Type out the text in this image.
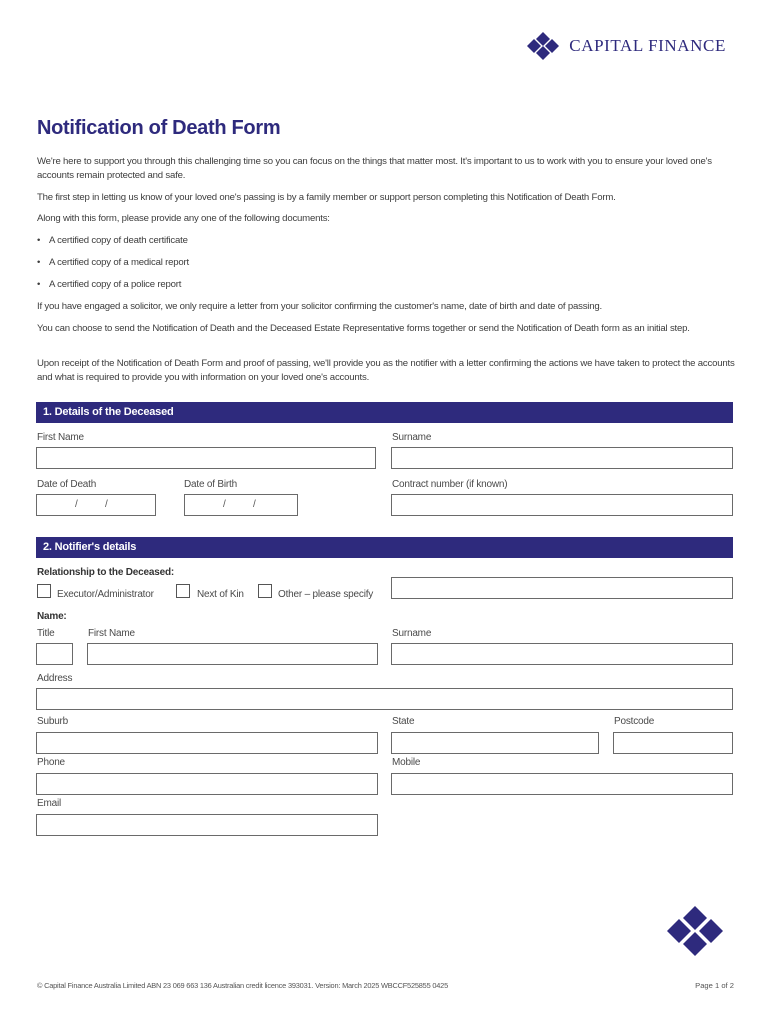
CAPITAL FINANCE
Notification of Death Form
We're here to support you through this challenging time so you can focus on the things that matter most. It's important to us to work with you to ensure your loved one's accounts remain protected and safe.
The first step in letting us know of your loved one's passing is by a family member or support person completing this Notification of Death Form.
Along with this form, please provide any one of the following documents:
• A certified copy of death certificate
• A certified copy of a medical report
• A certified copy of a police report
If you have engaged a solicitor, we only require a letter from your solicitor confirming the customer's name, date of birth and date of passing.
You can choose to send the Notification of Death and the Deceased Estate Representative forms together or send the Notification of Death form as an initial step.
Upon receipt of the Notification of Death Form and proof of passing, we'll provide you as the notifier with a letter confirming the actions we have taken to protect the accounts and what is required to provide you with information on your loved one's accounts.
1. Details of the Deceased
First Name	Surname
Date of Death	Date of Birth	Contract number (if known)
/	/	/	/
2. Notifier's details
Relationship to the Deceased:
Executor/Administrator	Next of Kin	Other – please specify
Name:
Title	First Name	Surname
Address
Suburb	State	Postcode
Phone	Mobile
Email
© Capital Finance Australia Limited ABN 23 069 663 136 Australian credit licence 393031. Version: March 2025 WBCCF525855 0425	Page 1 of 2
